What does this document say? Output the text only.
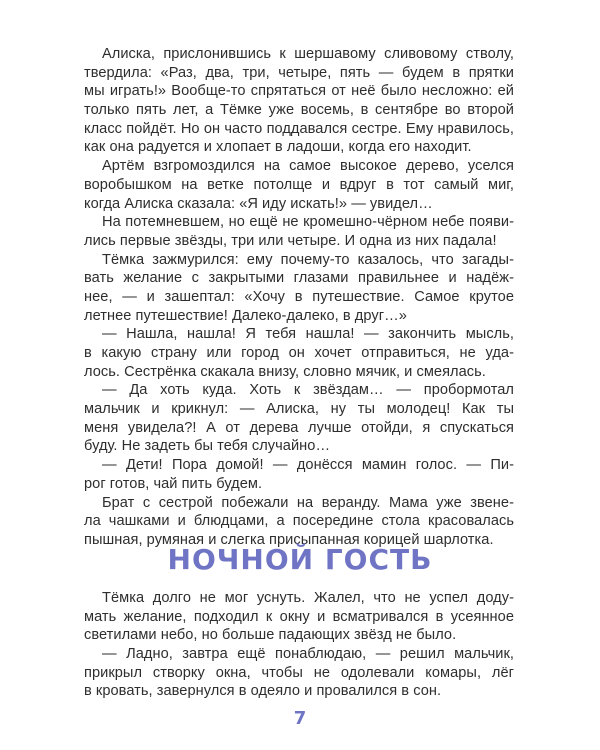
Алиска, прислонившись к шершавому сливовому стволу,
твердила: «Раз, два, три, четыре, пять — будем в прятки
мы играть!» Вообще-то спрятаться от неё было несложно: ей
только пять лет, а Тёмке уже восемь, в сентябре во второй
класс пойдёт. Но он часто поддавался сестре. Ему нравилось,
как она радуется и хлопает в ладоши, когда его находит.
Артём взгромоздился на самое высокое дерево, уселся
воробышком на ветке потолще и вдруг в тот самый миг,
когда Алиска сказала: «Я иду искать!» — увидел…
На потемневшем, но ещё не кромешно-чёрном небе появи-
лись первые звёзды, три или четыре. И одна из них падала!
Тёмка зажмурился: ему почему-то казалось, что загады-
вать желание с закрытыми глазами правильнее и надёж-
нее, — и зашептал: «Хочу в путешествие. Самое крутое
летнее путешествие! Далеко-далеко, в друг…»
— Нашла, нашла! Я тебя нашла! — закончить мысль,
в какую страну или город он хочет отправиться, не уда-
лось. Сестрёнка скакала внизу, словно мячик, и смеялась.
— Да хоть куда. Хоть к звёздам… — пробормотал
мальчик и крикнул: — Алиска, ну ты молодец! Как ты
меня увидела?! А от дерева лучше отойди, я спускаться
буду. Не задеть бы тебя случайно…
— Дети! Пора домой! — донёсся мамин голос. — Пи-
рог готов, чай пить будем.
Брат с сестрой побежали на веранду. Мама уже звене-
ла чашками и блюдцами, а посередине стола красовалась
пышная, румяная и слегка присыпанная корицей шарлотка.
НОЧНОЙ ГОСТЬ
Тёмка долго не мог уснуть. Жалел, что не успел доду-
мать желание, подходил к окну и всматривался в усеянное
светилами небо, но больше падающих звёзд не было.
— Ладно, завтра ещё понаблюдаю, — решил мальчик,
прикрыл створку окна, чтобы не одолевали комары, лёг
в кровать, завернулся в одеяло и провалился в сон.
7
